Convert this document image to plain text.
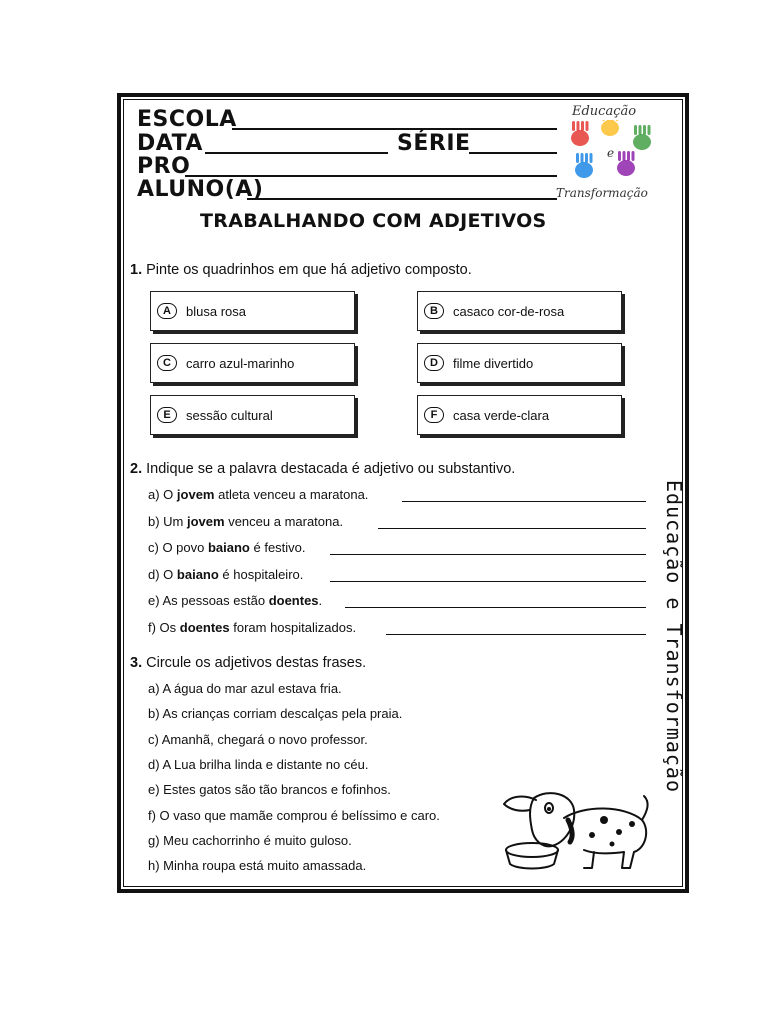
ESCOLA
DATA	SÉRIE
PRO
ALUNO(A)
Educação
e
Transformação
TRABALHANDO COM ADJETIVOS
1. Pinte os quadrinhos em que há adjetivo composto.
A	blusa rosa	B	casaco cor-de-rosa
C	carro azul-marinho	D	filme divertido
E	sessão cultural	F	casa verde-clara
2. Indique se a palavra destacada é adjetivo ou substantivo.
a) O jovem atleta venceu a maratona.
b) Um jovem venceu a maratona.
c) O povo baiano é festivo.
d) O baiano é hospitaleiro.
e) As pessoas estão doentes.
f) Os doentes foram hospitalizados.
3. Circule os adjetivos destas frases.
a) A água do mar azul estava fria.
b) As crianças corriam descalças pela praia.
c) Amanhã, chegará o novo professor.
d) A Lua brilha linda e distante no céu.
e) Estes gatos são tão brancos e fofinhos.
f) O vaso que mamãe comprou é belíssimo e caro.
g) Meu cachorrinho é muito guloso.
h) Minha roupa está muito amassada.
Educação e Transformação
